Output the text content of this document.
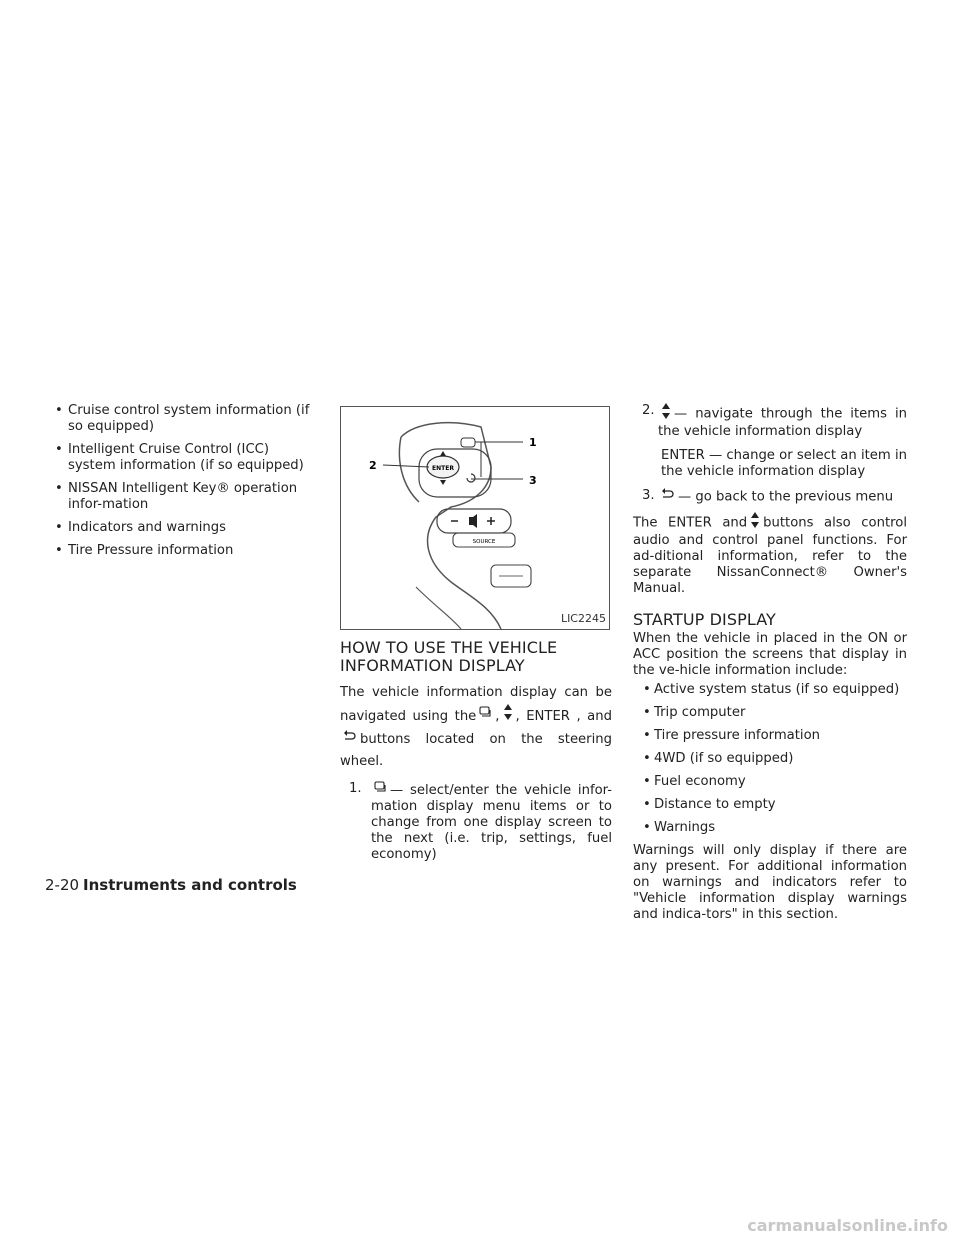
• Cruise control system information (if so equipped)
• Intelligent Cruise Control (ICC) system information (if so equipped)
• NISSAN Intelligent Key® operation infor-mation
• Indicators and warnings
• Tire Pressure information
ENTER
1
2
3
SOURCE
LIC2245
HOW TO USE THE VEHICLE INFORMATION DISPLAY

The vehicle information display can be navigated using the , , ENTER , andbuttons located on the steering wheel.

1. — select/enter the vehicle infor-mation display menu items or to change from one display screen to the next (i.e. trip, settings, fuel economy)
2. — navigate through the items in the vehicle information display
ENTER — change or select an item in the vehicle information display
3. — go back to the previous menu

The ENTER and buttons also control audio and control panel functions. For ad-ditional information, refer to the separate NissanConnect® Owner's Manual.

STARTUP DISPLAY

When the vehicle in placed in the ON or ACC position the screens that display in the ve-hicle information include:

• Active system status (if so equipped)
• Trip computer
• Tire pressure information
• 4WD (if so equipped)
• Fuel economy
• Distance to empty
• Warnings

Warnings will only display if there are any present. For additional information on warnings and indicators refer to "Vehicle information display warnings and indica-tors" in this section.

2-20 Instruments and controls
carmanualsonline.info
